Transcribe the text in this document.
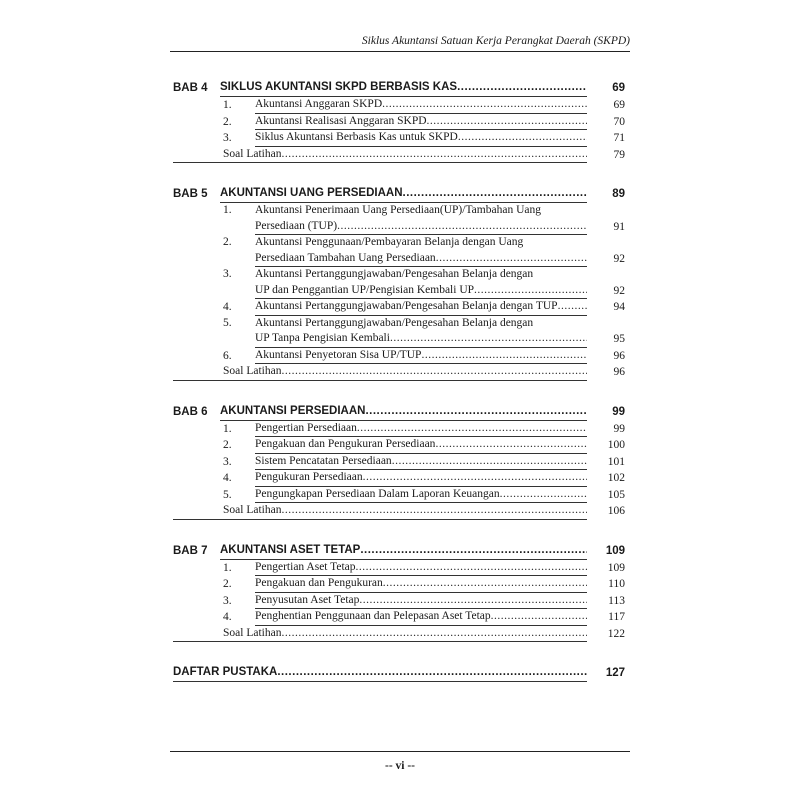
Siklus Akuntansi Satuan Kerja Perangkat Daerah (SKPD)
BAB 4	SIKLUS AKUNTANSI SKPD BERBASIS KAS .....	69
1.	Akuntansi Anggaran SKPD .....	69
2.	Akuntansi Realisasi Anggaran SKPD .....	70
3.	Siklus Akuntansi Berbasis Kas untuk SKPD .....	71
Soal Latihan .....	79
BAB 5	AKUNTANSI UANG PERSEDIAAN .....	89
1.	Akuntansi Penerimaan Uang Persediaan(UP)/Tambahan Uang
Persediaan (TUP) .....	91
2.	Akuntansi Penggunaan/Pembayaran Belanja dengan Uang
Persediaan Tambahan Uang Persediaan .....	92
3.	Akuntansi Pertanggungjawaban/Pengesahan Belanja dengan
UP dan Penggantian UP/Pengisian Kembali UP .....	92
4.	Akuntansi Pertanggungjawaban/Pengesahan Belanja dengan TUP .....	94
5.	Akuntansi Pertanggungjawaban/Pengesahan Belanja dengan
UP Tanpa Pengisian Kembali .....	95
6.	Akuntansi Penyetoran Sisa UP/TUP .....	96
Soal Latihan .....	96
BAB 6	AKUNTANSI PERSEDIAAN .....	99
1.	Pengertian Persediaan .....	99
2.	Pengakuan dan Pengukuran Persediaan .....	100
3.	Sistem Pencatatan Persediaan .....	101
4.	Pengukuran Persediaan .....	102
5.	Pengungkapan Persediaan Dalam Laporan Keuangan .....	105
Soal Latihan .....	106
BAB 7	AKUNTANSI ASET TETAP .....	109
1.	Pengertian Aset Tetap .....	109
2.	Pengakuan dan Pengukuran .....	110
3.	Penyusutan Aset Tetap .....	113
4.	Penghentian Penggunaan dan Pelepasan Aset Tetap .....	117
Soal Latihan .....	122
DAFTAR PUSTAKA .....	127
-- vi --
